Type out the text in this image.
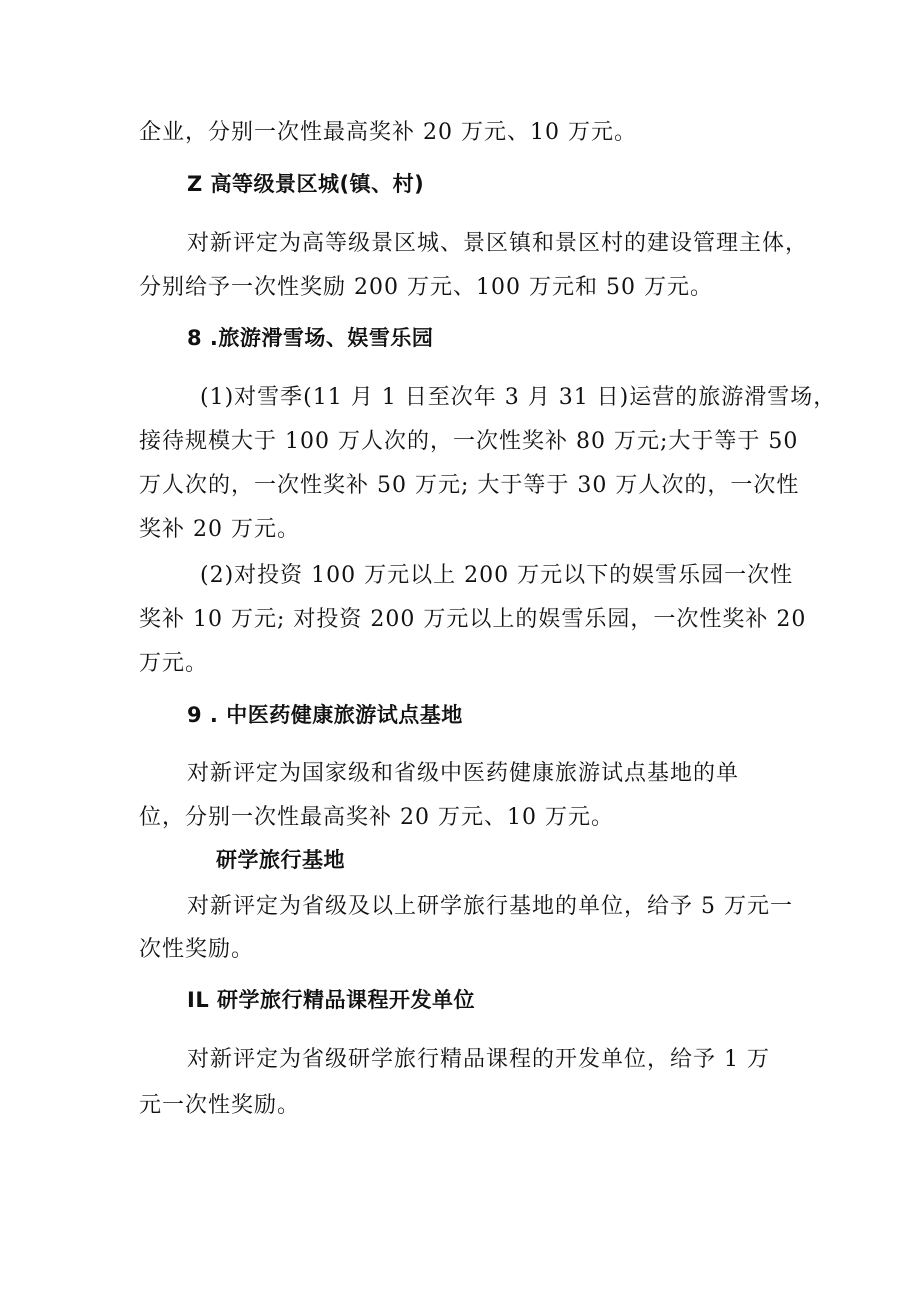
企业，分别一次性最高奖补 20 万元、10 万元。
Z 高等级景区城(镇、村)
对新评定为高等级景区城、景区镇和景区村的建设管理主体，
分别给予一次性奖励 200 万元、100 万元和 50 万元。
8 .旅游滑雪场、娱雪乐园
(1)对雪季(11 月 1 日至次年 3 月 31 日)运营的旅游滑雪场，
接待规模大于 100 万人次的，一次性奖补 80 万元;大于等于 50
万人次的，一次性奖补 50 万元; 大于等于 30 万人次的，一次性
奖补 20 万元。
(2)对投资 100 万元以上 200 万元以下的娱雪乐园一次性
奖补 10 万元; 对投资 200 万元以上的娱雪乐园，一次性奖补 20
万元。
9 . 中医药健康旅游试点基地
对新评定为国家级和省级中医药健康旅游试点基地的单
位，分别一次性最高奖补 20 万元、10 万元。
研学旅行基地
对新评定为省级及以上研学旅行基地的单位，给予 5 万元一
次性奖励。
IL 研学旅行精品课程开发单位
对新评定为省级研学旅行精品课程的开发单位，给予 1 万
元一次性奖励。
